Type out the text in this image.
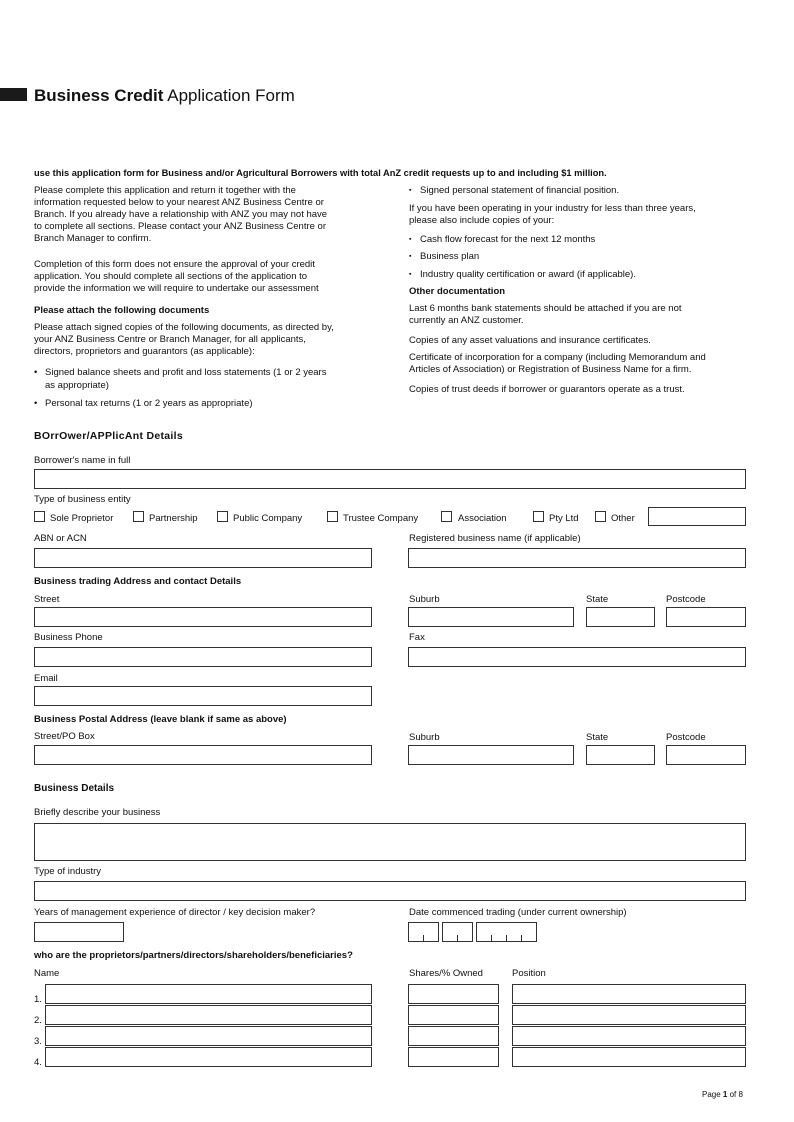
Business Credit Application Form
use this application form for Business and/or Agricultural Borrowers with total AnZ credit requests up to and including $1 million.

Please complete this application and return it together with the

information requested below to your nearest ANZ Business Centre or

Branch. If you already have a relationship with ANZ you may not have

to complete all sections. Please contact your ANZ Business Centre or

Branch Manager to confirm.

Completion of this form does not ensure the approval of your credit

application. You should complete all sections of the application to

provide the information we will require to undertake our assessment

Please attach the following documents

Please attach signed copies of the following documents, as directed by,

your ANZ Business Centre or Branch Manager, for all applicants,

directors, proprietors and guarantors (as applicable):

• Signed balance sheets and profit and loss statements (1 or 2 years
as appropriate)
• Personal tax returns (1 or 2 years as appropriate)
▪ Signed personal statement of financial position.

If you have been operating in your industry for less than three years,

please also include copies of your:

▪ Cash flow forecast for the next 12 months
▪ Business plan
▪ Industry quality certification or award (if applicable).
Other documentation

Last 6 months bank statements should be attached if you are not

currently an ANZ customer.

Copies of any asset valuations and insurance certificates.

Certificate of incorporation for a company (including Memorandum and

Articles of Association) or Registration of Business Name for a firm.

Copies of trust deeds if borrower or guarantors operate as a trust.
BOrrOwer/APPlicAnt Details
Borrower's name in full
Type of business entity
Sole Proprietor	Partnership	Public Company	Trustee Company	Association	Pty Ltd	Other
ABN or ACN	Registered business name (if applicable)
Business trading Address and contact Details
Street	Suburb	State	Postcode
Business Phone	Fax
Email
Business Postal Address (leave blank if same as above)
Street/PO Box	Suburb	State	Postcode
Business Details
Briefly describe your business
Type of industry
Years of management experience of director / key decision maker?	Date commenced trading (under current ownership)
who are the proprietors/partners/directors/shareholders/beneficiaries?
Name	Shares/% Owned	Position
1.
2.
3.
4.
Page 1 of 8
